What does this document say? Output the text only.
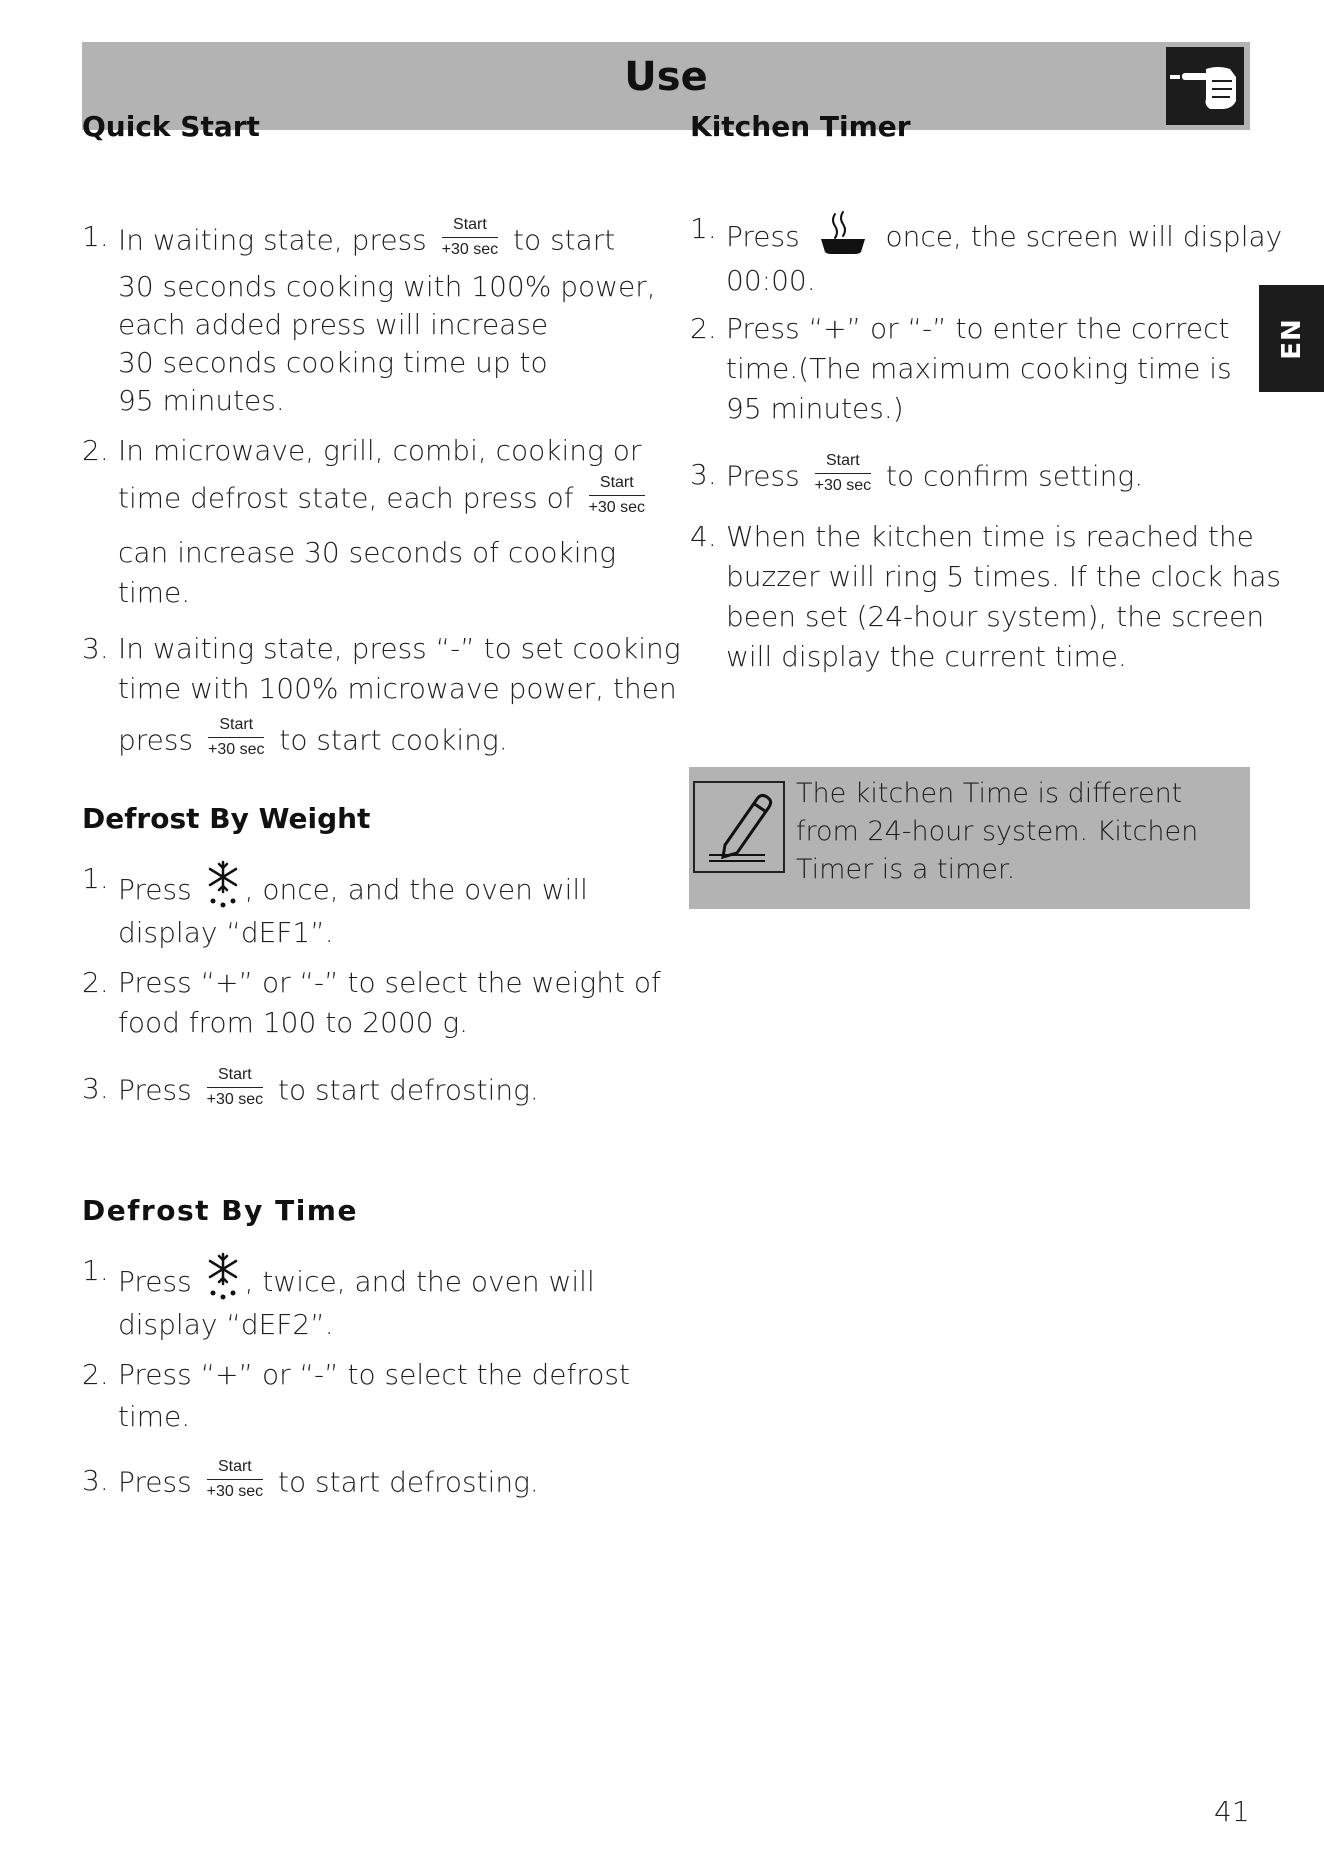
Use
EN
Quick Start
1. In waiting state, press $\frac{\text{Start}}{+30 \sec}$ to start
30 seconds cooking with 100% power,
each added press will increase
30 seconds cooking time up to
95 minutes.
2. In microwave, grill, combi, cooking or
time defrost state, each press of $\frac{\text{Start}}{+30 \sec}$
can increase 30 seconds of cooking
time.
3. In waiting state, press “-” to set cooking
time with 100% microwave power, then
press $\frac{\text{Start}}{+30 \sec}$ to start cooking.
Defrost By Weight
1. Press , once, and the oven will
display “dEF1”.
2. Press “+” or “-” to select the weight of
food from 100 to 2000 g.
3. Press $\frac{\text{Start}}{+30 \sec}$ to start defrosting.
Defrost By Time
1. Press , twice, and the oven will
display “dEF2”.
2. Press “+” or “-” to select the defrost
time.
3. Press $\frac{\text{Start}}{+30 \sec}$ to start defrosting.
Kitchen Timer
1. Press	once, the screen will display
00:00.
2. Press “+” or “-” to enter the correct
time.(The maximum cooking time is
95 minutes.)
3. Press $\frac{\text{Start}}{+30 \sec}$ to confirm setting.
4. When the kitchen time is reached the
buzzer will ring 5 times. If the clock has
been set (24-hour system), the screen
will display the current time.
The kitchen Time is different from 24-hour system. Kitchen Timer is a timer.
41
